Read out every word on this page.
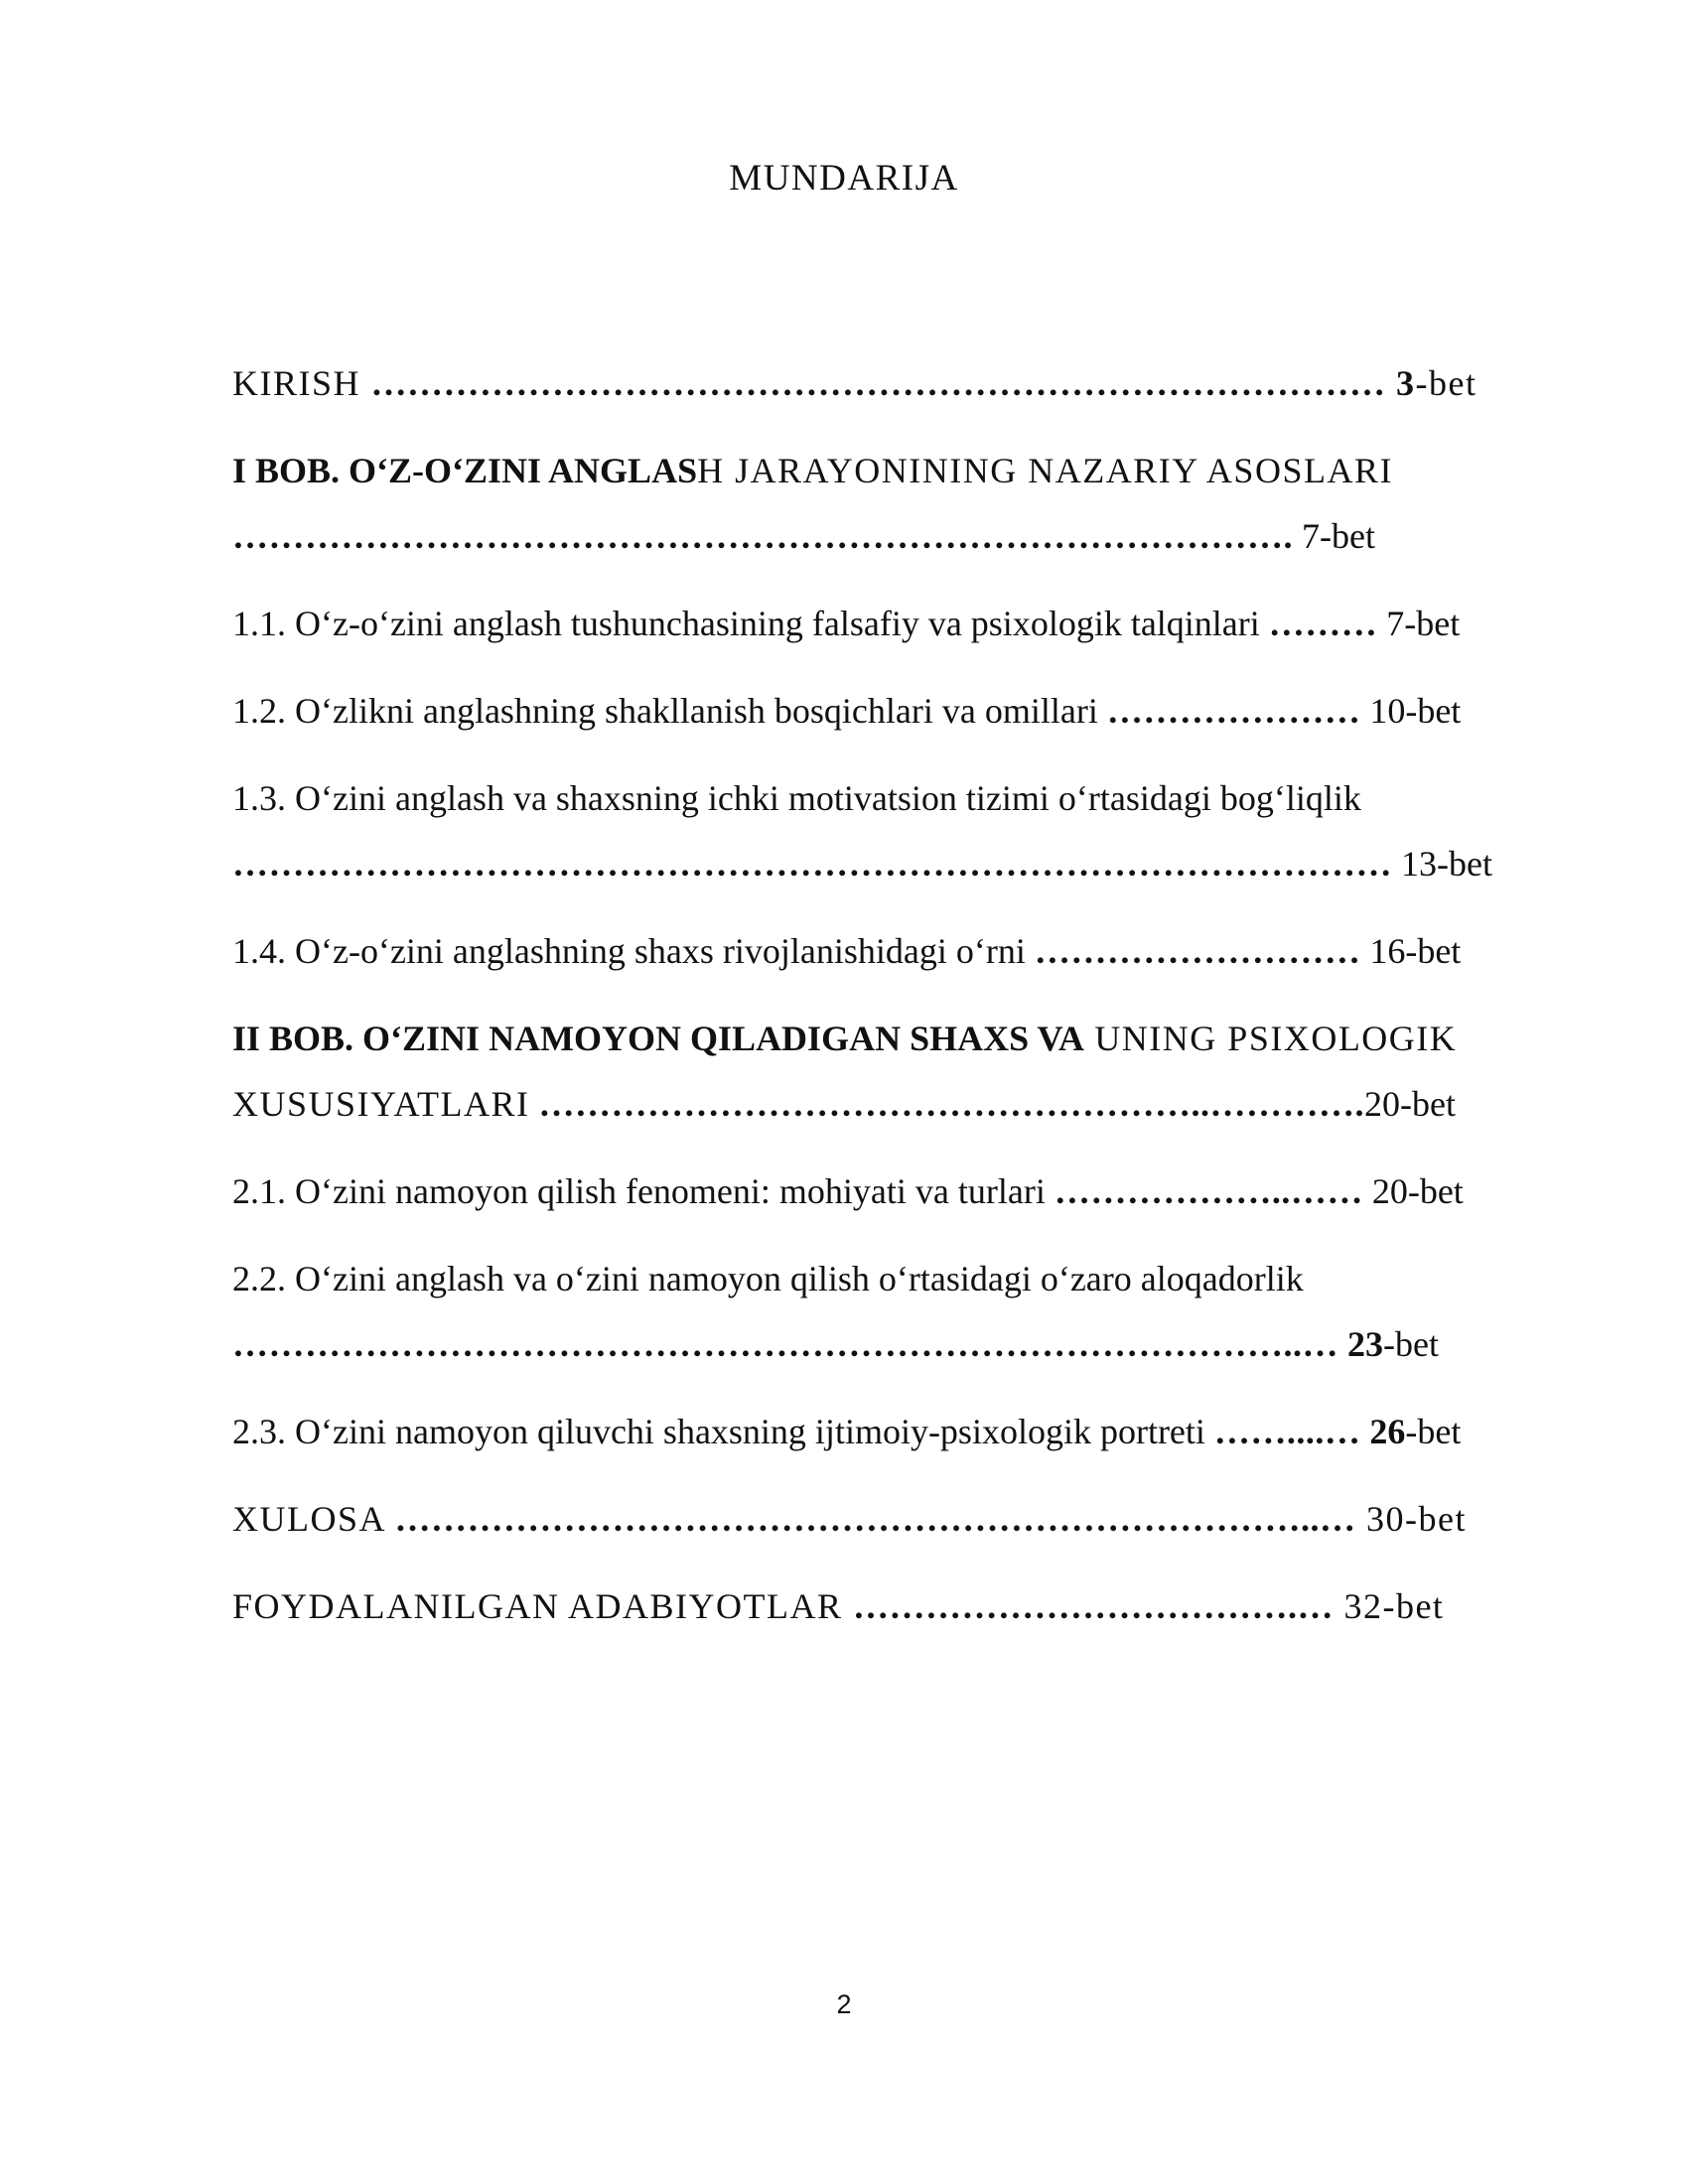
MUNDARIJA
KIRISH ………………………………………………………………………… 3-bet
I BOB. O‘Z-O‘ZINI ANGLASH JARAYONINING NAZARIY ASOSLARI
……………………………………………………………………………. 7-bet
1.1. O‘z-o‘zini anglash tushunchasining falsafiy va psixologik talqinlari ……… 7-bet
1.2. O‘zlikni anglashning shakllanish bosqichlari va omillari ………………… 10-bet
1.3. O‘zini anglash va shaxsning ichki motivatsion tizimi o‘rtasidagi bog‘liqlik
…………………………………………………………………………………… 13-bet
1.4. O‘z-o‘zini anglashning shaxs rivojlanishidagi o‘rni ……………………… 16-bet
II BOB. O‘ZINI NAMOYON QILADIGAN SHAXS VA UNING PSIXOLOGIK
XUSUSIYATLARI ………………………………………………..………….20-bet
2.1. O‘zini namoyon qilish fenomeni: mohiyati va turlari ………………..…… 20-bet
2.2. O‘zini anglash va o‘zini namoyon qilish o‘rtasidagi o‘zaro aloqadorlik
……………………………………………………………………………..… 23-bet
2.3. O‘zini namoyon qiluvchi shaxsning ijtimoiy-psixologik portreti ……....… 26-bet
XULOSA …………………………………………………………………..… 30-bet
FOYDALANILGAN ADABIYOTLAR ……………………………….… 32-bet
2
